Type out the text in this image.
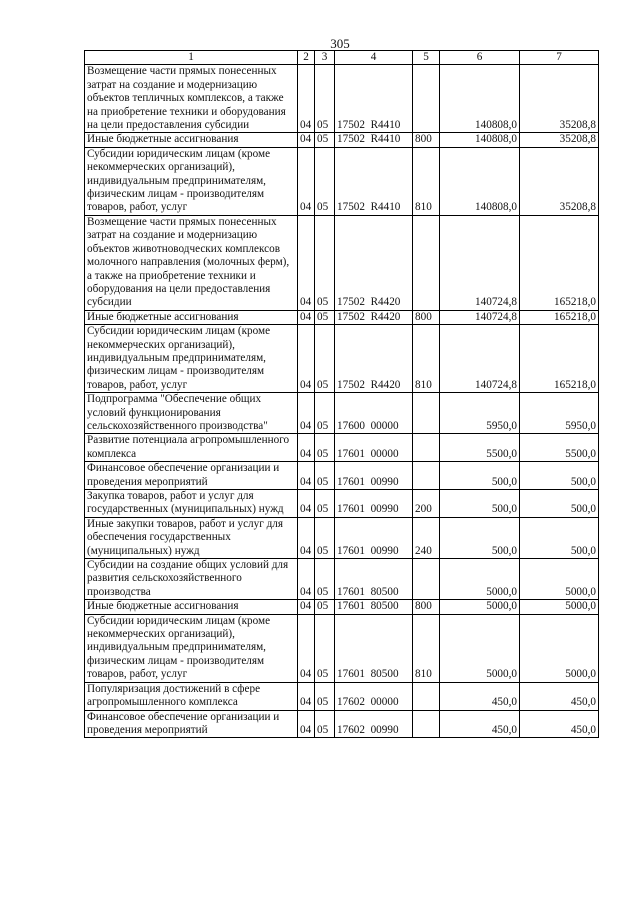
305
1	2	3	4	5	6	7

Возмещение части прямых понесенных затрат на создание и модернизацию объектов тепличных комплексов, а также на приобретение техники и оборудования на цели предоставления субсидии	04	05	17502  R4410		140808,0	35208,8

Иные бюджетные ассигнования	04	05	17502  R4410	800	140808,0	35208,8

Субсидии юридическим лицам (кроме некоммерческих организаций), индивидуальным предпринимателям, физическим лицам - производителям товаров, работ, услуг	04	05	17502  R4410	810	140808,0	35208,8

Возмещение части прямых понесенных затрат на создание и модернизацию объектов животноводческих комплексов молочного направления (молочных ферм), а также на приобретение техники и оборудования на цели предоставления субсидии	04	05	17502  R4420		140724,8	165218,0

Иные бюджетные ассигнования	04	05	17502  R4420	800	140724,8	165218,0

Субсидии юридическим лицам (кроме некоммерческих организаций), индивидуальным предпринимателям, физическим лицам - производителям товаров, работ, услуг	04	05	17502  R4420	810	140724,8	165218,0

Подпрограмма "Обеспечение общих условий функционирования сельскохозяйственного производства"	04	05	17600  00000		5950,0	5950,0

Развитие потенциала агропромышленного комплекса	04	05	17601  00000		5500,0	5500,0

Финансовое обеспечение организации и проведения мероприятий	04	05	17601  00990		500,0	500,0

Закупка товаров, работ и услуг для государственных (муниципальных) нужд	04	05	17601  00990	200	500,0	500,0

Иные закупки товаров, работ и услуг для обеспечения государственных (муниципальных) нужд	04	05	17601  00990	240	500,0	500,0

Субсидии на создание общих условий для развития сельскохозяйственного производства	04	05	17601  80500		5000,0	5000,0

Иные бюджетные ассигнования	04	05	17601  80500	800	5000,0	5000,0

Субсидии юридическим лицам (кроме некоммерческих организаций), индивидуальным предпринимателям, физическим лицам - производителям товаров, работ, услуг	04	05	17601  80500	810	5000,0	5000,0

Популяризация достижений в сфере агропромышленного комплекса	04	05	17602  00000		450,0	450,0

Финансовое обеспечение организации и проведения мероприятий	04	05	17602  00990		450,0	450,0
